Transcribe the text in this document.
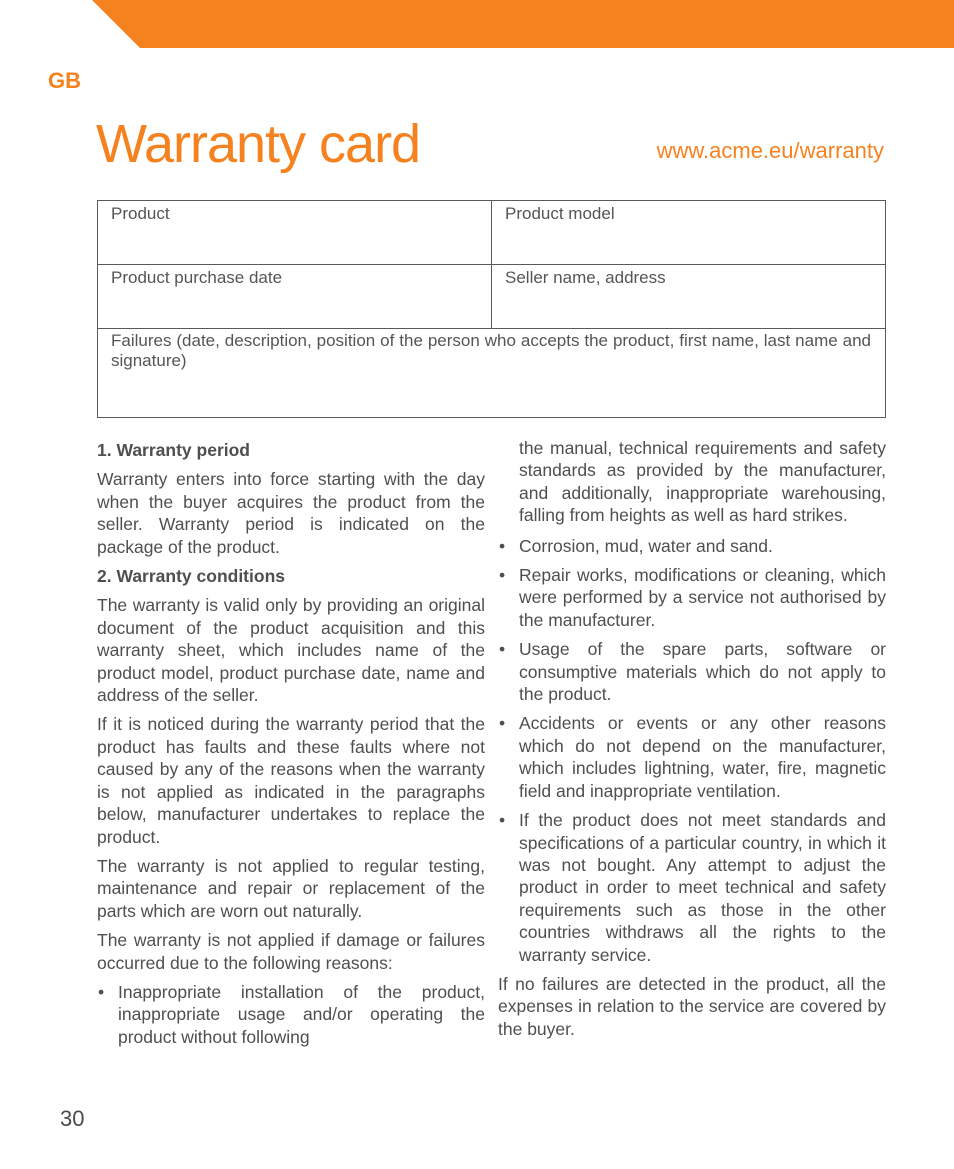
GB
Warranty card	www.acme.eu/warranty
Product	Product model
Product purchase date	Seller name, address
Failures (date, description, position of the person who accepts the product, first name, last name and signature)
1. Warranty period

Warranty enters into force starting with the day when the buyer acquires the product from the seller. Warranty period is indicated on the package of the product.

2. Warranty conditions

The warranty is valid only by providing an original document of the product acquisition and this warranty sheet, which includes name of the product model, product purchase date, name and address of the seller.

If it is noticed during the warranty period that the product has faults and these faults where not caused by any of the reasons when the warranty is not applied as indicated in the paragraphs below, manufacturer undertakes to replace the product.

The warranty is not applied to regular testing, maintenance and repair or replacement of the parts which are worn out naturally.

The warranty is not applied if damage or failures occurred due to the following reasons:

• Inappropriate installation of the product, inappropriate usage and/or operating the product without following
the manual, technical requirements and safety standards as provided by the manufacturer, and additionally, inappropriate warehousing, falling from heights as well as hard strikes.
• Corrosion, mud, water and sand.
• Repair works, modifications or cleaning, which were performed by a service not authorised by the manufacturer.
• Usage of the spare parts, software or consumptive materials which do not apply to the product.
• Accidents or events or any other reasons which do not depend on the manufacturer, which includes lightning, water, fire, magnetic field and inappropriate ventilation.
• If the product does not meet standards and specifications of a particular country, in which it was not bought. Any attempt to adjust the product in order to meet technical and safety requirements such as those in the other countries withdraws all the rights to the warranty service.

If no failures are detected in the product, all the expenses in relation to the service are covered by the buyer.

30
